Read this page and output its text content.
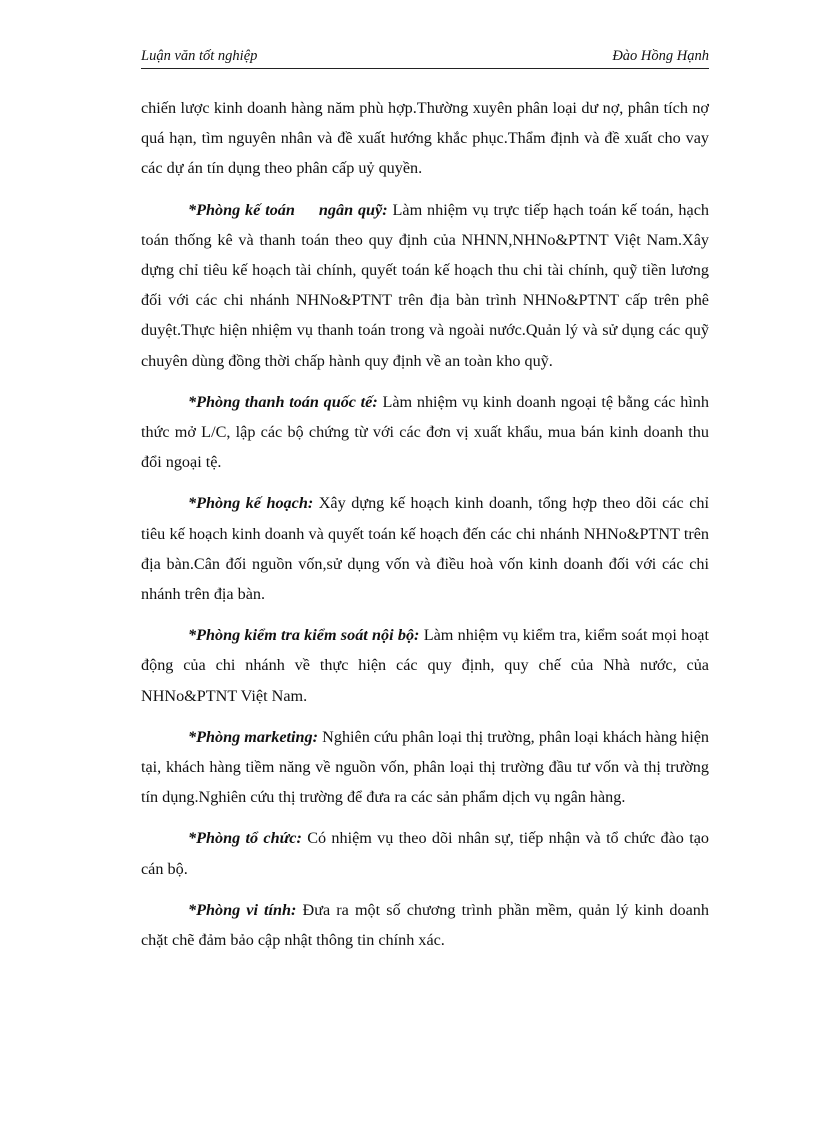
Luận văn tốt nghiệp	Đào Hồng Hạnh

chiến lược kinh doanh hàng năm phù hợp.Thường xuyên phân loại dư nợ, phân tích nợ quá hạn, tìm nguyên nhân và đề xuất hướng khắc phục.Thẩm định và đề xuất cho vay các dự án tín dụng theo phân cấp uỷ quyền.

*Phòng kế toán ngân quỹ: Làm nhiệm vụ trực tiếp hạch toán kế toán, hạch toán thống kê và thanh toán theo quy định của NHNN,NHNo&PTNT Việt Nam.Xây dựng chỉ tiêu kế hoạch tài chính, quyết toán kế hoạch thu chi tài chính, quỹ tiền lương đối với các chi nhánh NHNo&PTNT trên địa bàn trình NHNo&PTNT cấp trên phê duyệt.Thực hiện nhiệm vụ thanh toán trong và ngoài nước.Quản lý và sử dụng các quỹ chuyên dùng đồng thời chấp hành quy định về an toàn kho quỹ.

*Phòng thanh toán quốc tế: Làm nhiệm vụ kinh doanh ngoại tệ bằng các hình thức mở L/C, lập các bộ chứng từ với các đơn vị xuất khẩu, mua bán kinh doanh thu đổi ngoại tệ.

*Phòng kế hoạch: Xây dựng kế hoạch kinh doanh, tổng hợp theo dõi các chỉ tiêu kế hoạch kinh doanh và quyết toán kế hoạch đến các chi nhánh NHNo&PTNT trên địa bàn.Cân đối nguồn vốn,sử dụng vốn và điều hoà vốn kinh doanh đối với các chi nhánh trên địa bàn.

*Phòng kiểm tra kiểm soát nội bộ: Làm nhiệm vụ kiểm tra, kiểm soát mọi hoạt động của chi nhánh về thực hiện các quy định, quy chế của Nhà nước, của NHNo&PTNT Việt Nam.

*Phòng marketing: Nghiên cứu phân loại thị trường, phân loại khách hàng hiện tại, khách hàng tiềm năng về nguồn vốn, phân loại thị trường đầu tư vốn và thị trường tín dụng.Nghiên cứu thị trường để đưa ra các sản phẩm dịch vụ ngân hàng.

*Phòng tổ chức: Có nhiệm vụ theo dõi nhân sự, tiếp nhận và tổ chức đào tạo cán bộ.

*Phòng vi tính: Đưa ra một số chương trình phần mềm, quản lý kinh doanh chặt chẽ đảm bảo cập nhật thông tin chính xác.
